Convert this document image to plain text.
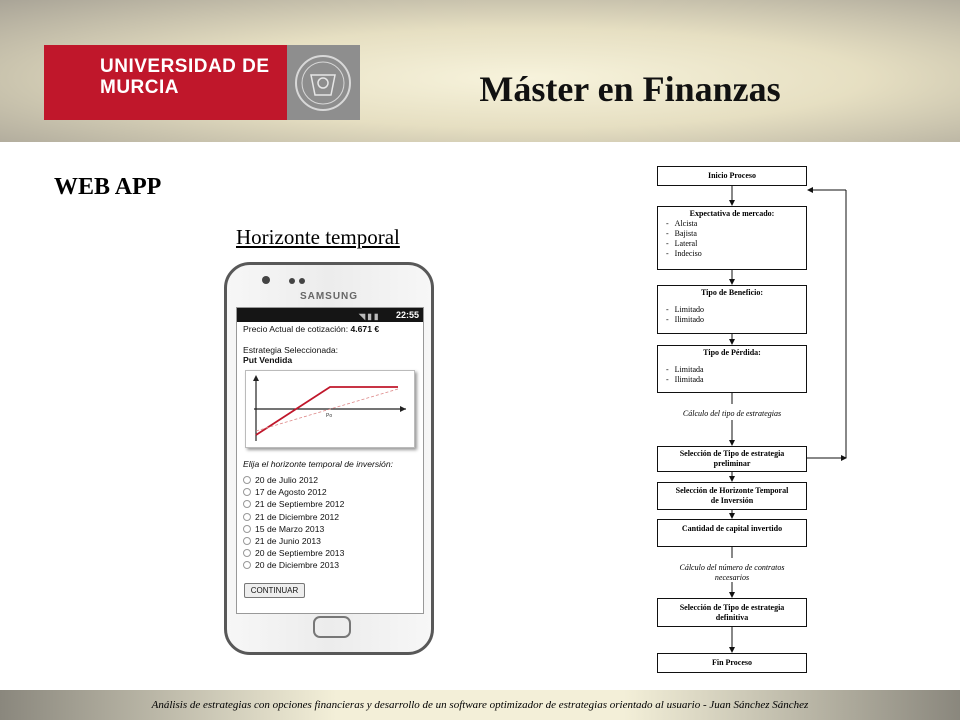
UNIVERSIDAD DE
MURCIA	Máster en Finanzas
WEB APP
Horizonte temporal
SAMSUNG
◥ ▮ ▮ 22:55
Precio Actual de cotización: 4.671 €
Estrategia Seleccionada:
Put Vendida
Po
Elija el horizonte temporal de inversión:
20 de Julio 2012
17 de Agosto 2012
21 de Septiembre 2012
21 de Diciembre 2012
15 de Marzo 2013
21 de Junio 2013
20 de Septiembre 2013
20 de Diciembre 2013
CONTINUAR
Inicio Proceso
Expectativa de mercado:
-   Alcista
-   Bajista
-   Lateral
-   Indeciso
Tipo de Beneficio:
-   Limitado
-   Ilimitado
Tipo de Pérdida:
-   Limitada
-   Ilimitada
Cálculo del tipo de estrategias
Selección de Tipo de estrategia
preliminar
Selección de Horizonte Temporal
de Inversión
Cantidad de capital invertido
Cálculo del número de contratos
necesarios
Selección de Tipo de estrategia
definitiva
Fin Proceso
Análisis de estrategias con opciones financieras y desarrollo de un software optimizador de estrategias orientado al usuario - Juan Sánchez Sánchez
